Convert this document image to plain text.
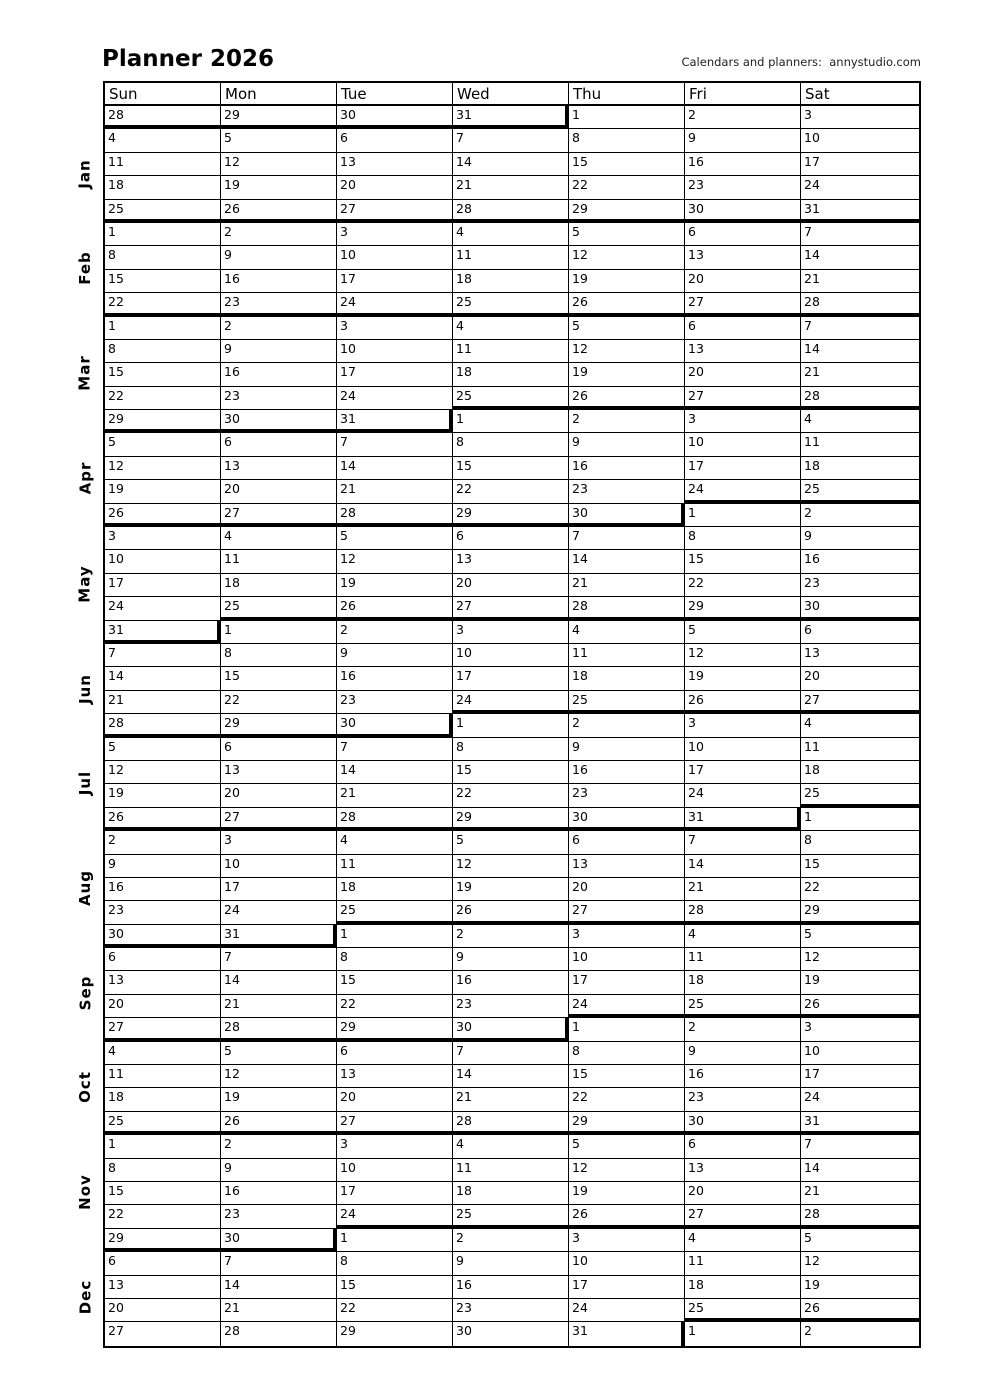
Planner 2026	Calendars and planners:  annystudio.com
Sun	Mon	Tue	Wed	Thu	Fri	Sat
28	29	30	31	1	2	3
4	5	6	7	8	9	10
11	12	13	14	15	16	17
18	19	20	21	22	23	24
25	26	27	28	29	30	31
1	2	3	4	5	6	7
8	9	10	11	12	13	14
15	16	17	18	19	20	21
22	23	24	25	26	27	28
1	2	3	4	5	6	7
8	9	10	11	12	13	14
15	16	17	18	19	20	21
22	23	24	25	26	27	28
29	30	31	1	2	3	4
5	6	7	8	9	10	11
12	13	14	15	16	17	18
19	20	21	22	23	24	25
26	27	28	29	30	1	2
3	4	5	6	7	8	9
10	11	12	13	14	15	16
17	18	19	20	21	22	23
24	25	26	27	28	29	30
31	1	2	3	4	5	6
7	8	9	10	11	12	13
14	15	16	17	18	19	20
21	22	23	24	25	26	27
28	29	30	1	2	3	4
5	6	7	8	9	10	11
12	13	14	15	16	17	18
19	20	21	22	23	24	25
26	27	28	29	30	31	1
2	3	4	5	6	7	8
9	10	11	12	13	14	15
16	17	18	19	20	21	22
23	24	25	26	27	28	29
30	31	1	2	3	4	5
6	7	8	9	10	11	12
13	14	15	16	17	18	19
20	21	22	23	24	25	26
27	28	29	30	1	2	3
4	5	6	7	8	9	10
11	12	13	14	15	16	17
18	19	20	21	22	23	24
25	26	27	28	29	30	31
1	2	3	4	5	6	7
8	9	10	11	12	13	14
15	16	17	18	19	20	21
22	23	24	25	26	27	28
29	30	1	2	3	4	5
6	7	8	9	10	11	12
13	14	15	16	17	18	19
20	21	22	23	24	25	26
27	28	29	30	31	1	2
Jan
Feb
Mar
Apr
May
Jun
Jul
Aug
Sep
Oct
Nov
Dec
